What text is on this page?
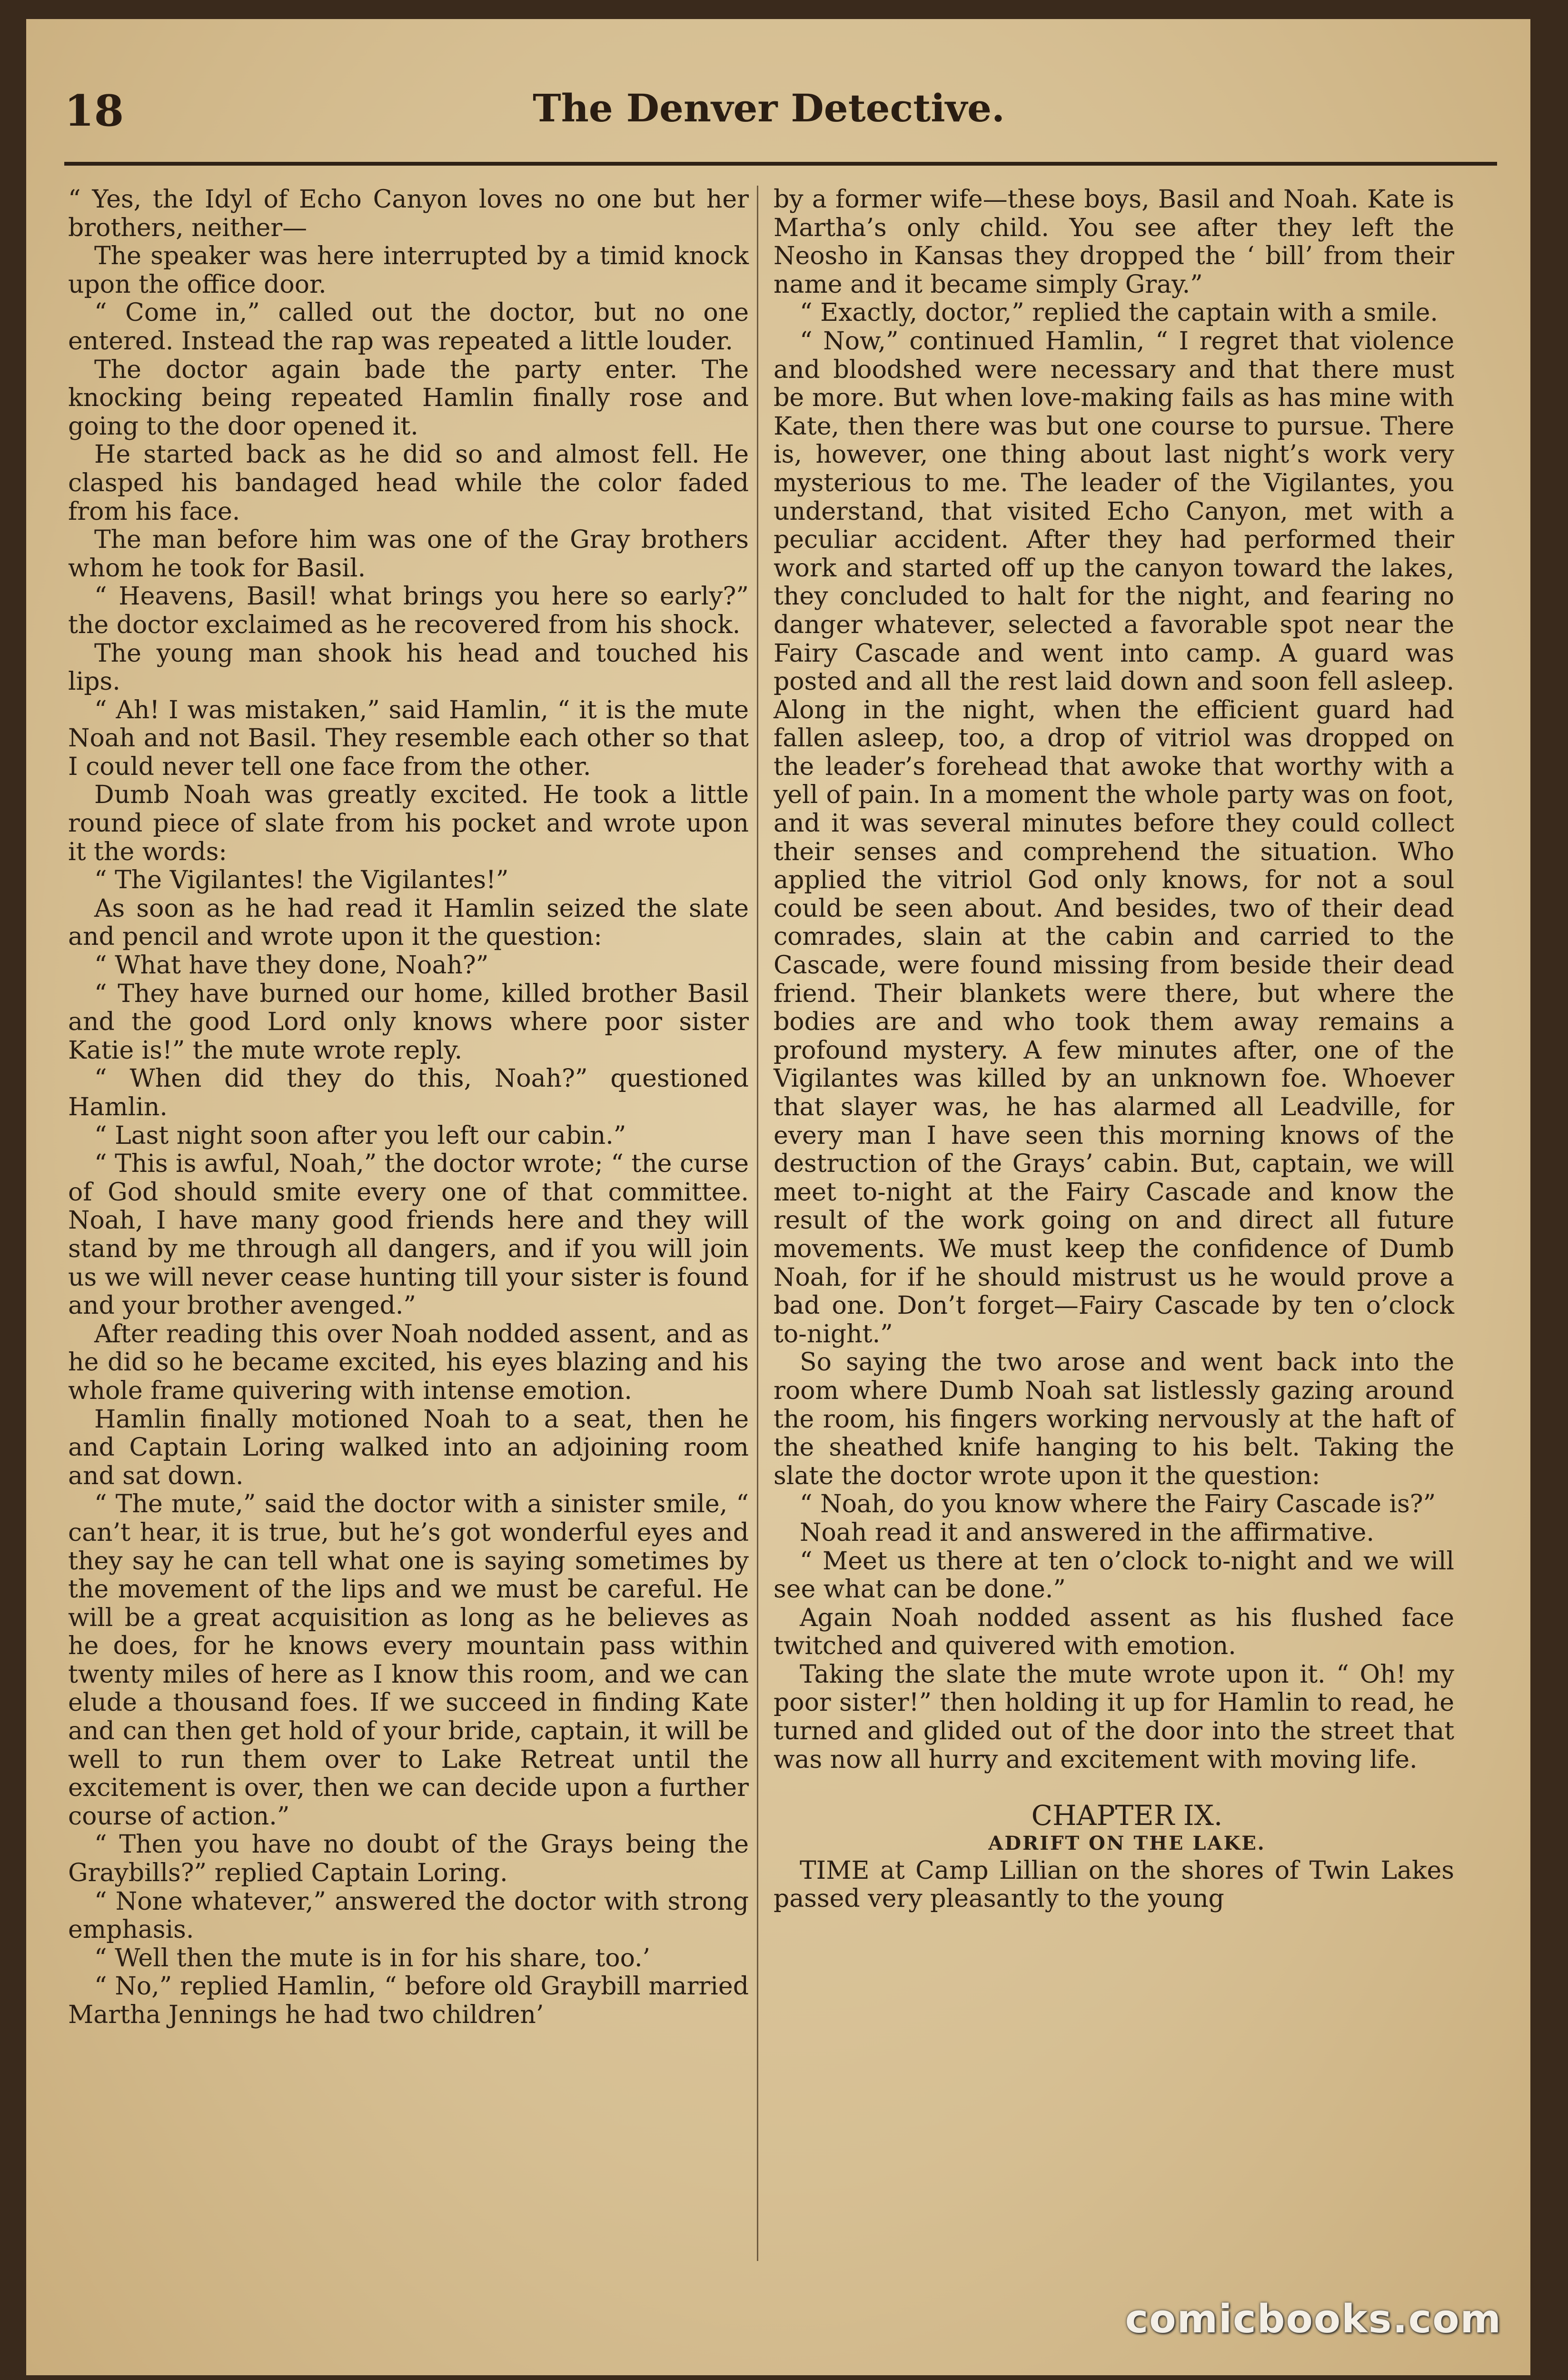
18	The Denver Detective.

“ Yes, the Idyl of Echo Canyon loves no one but her brothers, neither—

The speaker was here interrupted by a timid knock upon the office door.

“ Come in,” called out the doctor, but no one entered. Instead the rap was repeated a little louder.

The doctor again bade the party enter. The knocking being repeated Hamlin finally rose and going to the door opened it.

He started back as he did so and almost fell. He clasped his bandaged head while the color faded from his face.

The man before him was one of the Gray brothers whom he took for Basil.

“ Heavens, Basil! what brings you here so early?” the doctor exclaimed as he recovered from his shock.

The young man shook his head and touched his lips.

“ Ah! I was mistaken,” said Hamlin, “ it is the mute Noah and not Basil. They resemble each other so that I could never tell one face from the other.

Dumb Noah was greatly excited. He took a little round piece of slate from his pocket and wrote upon it the words:

“ The Vigilantes! the Vigilantes!”

As soon as he had read it Hamlin seized the slate and pencil and wrote upon it the question:

“ What have they done, Noah?”

“ They have burned our home, killed brother Basil and the good Lord only knows where poor sister Katie is!” the mute wrote reply.

“ When did they do this, Noah?” questioned Hamlin.

“ Last night soon after you left our cabin.”

“ This is awful, Noah,” the doctor wrote; “ the curse of God should smite every one of that committee. Noah, I have many good friends here and they will stand by me through all dangers, and if you will join us we will never cease hunting till your sister is found and your brother avenged.”

After reading this over Noah nodded assent, and as he did so he became excited, his eyes blazing and his whole frame quivering with intense emotion.

Hamlin finally motioned Noah to a seat, then he and Captain Loring walked into an adjoining room and sat down.

“ The mute,” said the doctor with a sinister smile, “ can’t hear, it is true, but he’s got wonderful eyes and they say he can tell what one is saying sometimes by the movement of the lips and we must be careful. He will be a great acquisition as long as he believes as he does, for he knows every mountain pass within twenty miles of here as I know this room, and we can elude a thousand foes. If we succeed in finding Kate and can then get hold of your bride, captain, it will be well to run them over to Lake Retreat until the excitement is over, then we can decide upon a further course of action.”

“ Then you have no doubt of the Grays being the Graybills?” replied Captain Loring.

“ None whatever,” answered the doctor with strong emphasis.

“ Well then the mute is in for his share, too.’

“ No,” replied Hamlin, “ before old Graybill married Martha Jennings he had two children’

by a former wife—these boys, Basil and Noah. Kate is Martha’s only child. You see after they left the Neosho in Kansas they dropped the ‘ bill’ from their name and it became simply Gray.”

“ Exactly, doctor,” replied the captain with a smile.

“ Now,” continued Hamlin, “ I regret that violence and bloodshed were necessary and that there must be more. But when love-making fails as has mine with Kate, then there was but one course to pursue. There is, however, one thing about last night’s work very mysterious to me. The leader of the Vigilantes, you understand, that visited Echo Canyon, met with a peculiar accident. After they had performed their work and started off up the canyon toward the lakes, they concluded to halt for the night, and fearing no danger whatever, selected a favorable spot near the Fairy Cascade and went into camp. A guard was posted and all the rest laid down and soon fell asleep. Along in the night, when the efficient guard had fallen asleep, too, a drop of vitriol was dropped on the leader’s forehead that awoke that worthy with a yell of pain. In a moment the whole party was on foot, and it was several minutes before they could collect their senses and comprehend the situation. Who applied the vitriol God only knows, for not a soul could be seen about. And besides, two of their dead comrades, slain at the cabin and carried to the Cascade, were found missing from beside their dead friend. Their blankets were there, but where the bodies are and who took them away remains a profound mystery. A few minutes after, one of the Vigilantes was killed by an unknown foe. Whoever that slayer was, he has alarmed all Leadville, for every man I have seen this morning knows of the destruction of the Grays’ cabin. But, captain, we will meet to-night at the Fairy Cascade and know the result of the work going on and direct all future movements. We must keep the confidence of Dumb Noah, for if he should mistrust us he would prove a bad one. Don’t forget—Fairy Cascade by ten o’clock to-night.”

So saying the two arose and went back into the room where Dumb Noah sat listlessly gazing around the room, his fingers working nervously at the haft of the sheathed knife hanging to his belt. Taking the slate the doctor wrote upon it the question:

“ Noah, do you know where the Fairy Cascade is?”

Noah read it and answered in the affirmative.

“ Meet us there at ten o’clock to-night and we will see what can be done.”

Again Noah nodded assent as his flushed face twitched and quivered with emotion.

Taking the slate the mute wrote upon it. “ Oh! my poor sister!” then holding it up for Hamlin to read, he turned and glided out of the door into the street that was now all hurry and excitement with moving life.

CHAPTER IX.

ADRIFT ON THE LAKE.

TIME at Camp Lillian on the shores of Twin Lakes passed very pleasantly to the young

comicbooks.com
